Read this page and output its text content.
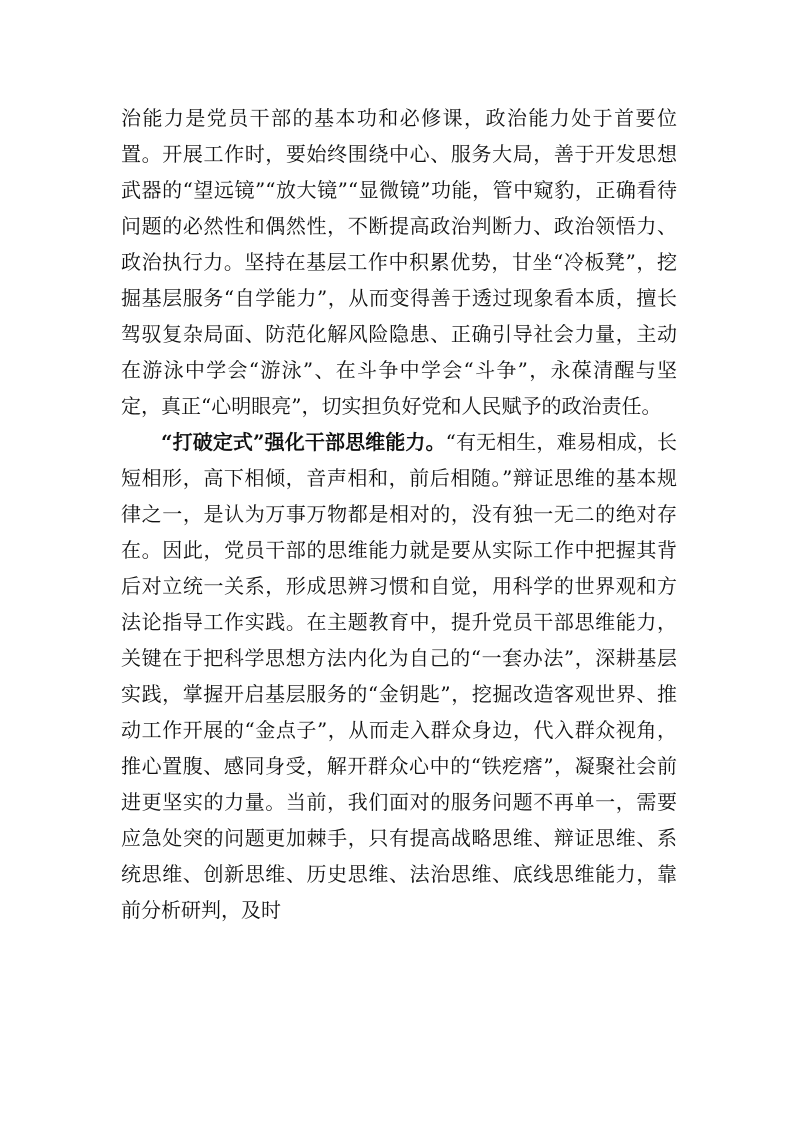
治能力是党员干部的基本功和必修课，政治能力处于首要位置。开展工作时，要始终围绕中心、服务大局，善于开发思想武器的“望远镜”“放大镜”“显微镜”功能，管中窥豹，正确看待问题的必然性和偶然性，不断提高政治判断力、政治领悟力、政治执行力。坚持在基层工作中积累优势，甘坐“冷板凳”，挖掘基层服务“自学能力”，从而变得善于透过现象看本质，擅长驾驭复杂局面、防范化解风险隐患、正确引导社会力量，主动在游泳中学会“游泳”、在斗争中学会“斗争”，永葆清醒与坚定，真正“心明眼亮”，切实担负好党和人民赋予的政治责任。

“打破定式”强化干部思维能力。“有无相生，难易相成，长短相形，高下相倾，音声相和，前后相随。”辩证思维的基本规律之一，是认为万事万物都是相对的，没有独一无二的绝对存在。因此，党员干部的思维能力就是要从实际工作中把握其背后对立统一关系，形成思辨习惯和自觉，用科学的世界观和方法论指导工作实践。在主题教育中，提升党员干部思维能力，关键在于把科学思想方法内化为自己的“一套办法”，深耕基层实践，掌握开启基层服务的“金钥匙”，挖掘改造客观世界、推动工作开展的“金点子”，从而走入群众身边，代入群众视角，推心置腹、感同身受，解开群众心中的“铁疙瘩”，凝聚社会前进更坚实的力量。当前，我们面对的服务问题不再单一，需要应急处突的问题更加棘手，只有提高战略思维、辩证思维、系统思维、创新思维、历史思维、法治思维、底线思维能力，靠前分析研判，及时
